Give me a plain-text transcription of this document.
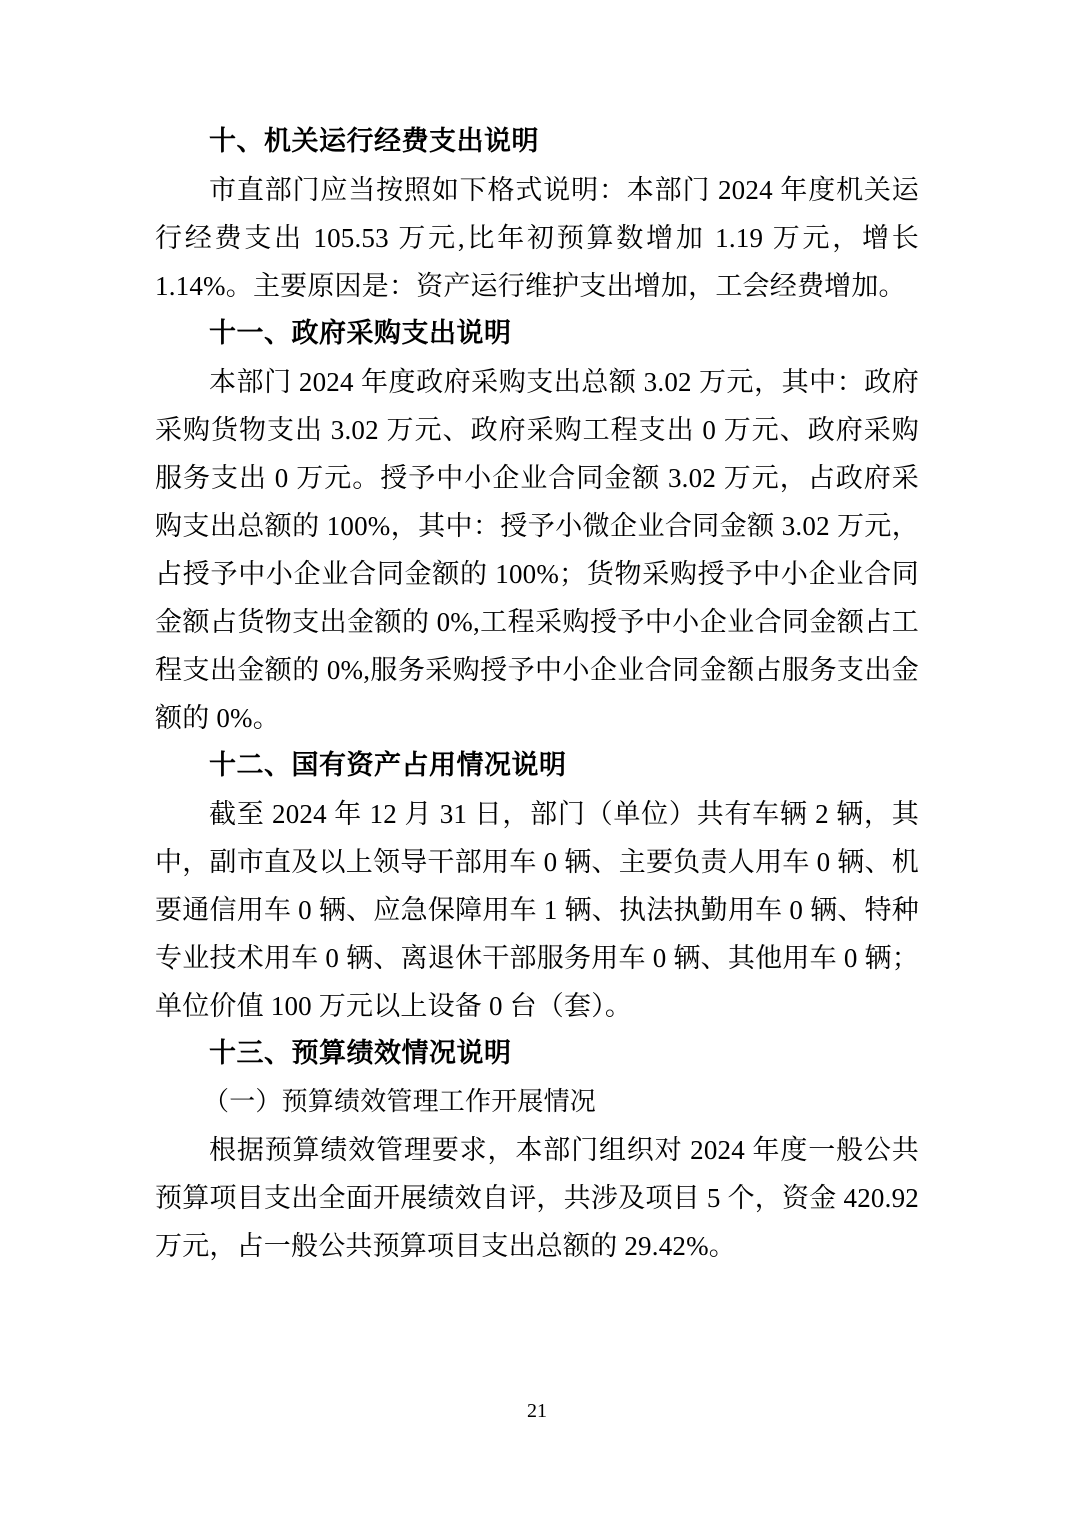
十、机关运行经费支出说明

市直部门应当按照如下格式说明：本部门 2024 年度机关运行经费支出 105.53 万元,比年初预算数增加 1.19 万元，增长 1.14%。主要原因是：资产运行维护支出增加，工会经费增加。

十一、政府采购支出说明

本部门 2024 年度政府采购支出总额 3.02 万元，其中：政府采购货物支出 3.02 万元、政府采购工程支出 0 万元、政府采购服务支出 0 万元。授予中小企业合同金额 3.02 万元，占政府采购支出总额的 100%，其中：授予小微企业合同金额 3.02 万元，占授予中小企业合同金额的 100%；货物采购授予中小企业合同金额占货物支出金额的 0%,工程采购授予中小企业合同金额占工程支出金额的 0%,服务采购授予中小企业合同金额占服务支出金额的 0%。

十二、国有资产占用情况说明

截至 2024 年 12 月 31 日，部门（单位）共有车辆 2 辆，其中，副市直及以上领导干部用车 0 辆、主要负责人用车 0 辆、机要通信用车 0 辆、应急保障用车 1 辆、执法执勤用车 0 辆、特种专业技术用车 0 辆、离退休干部服务用车 0 辆、其他用车 0 辆；单位价值 100 万元以上设备 0 台（套）。

十三、预算绩效情况说明

（一）预算绩效管理工作开展情况

根据预算绩效管理要求，本部门组织对 2024 年度一般公共预算项目支出全面开展绩效自评，共涉及项目 5 个，资金 420.92 万元，占一般公共预算项目支出总额的 29.42%。

21
